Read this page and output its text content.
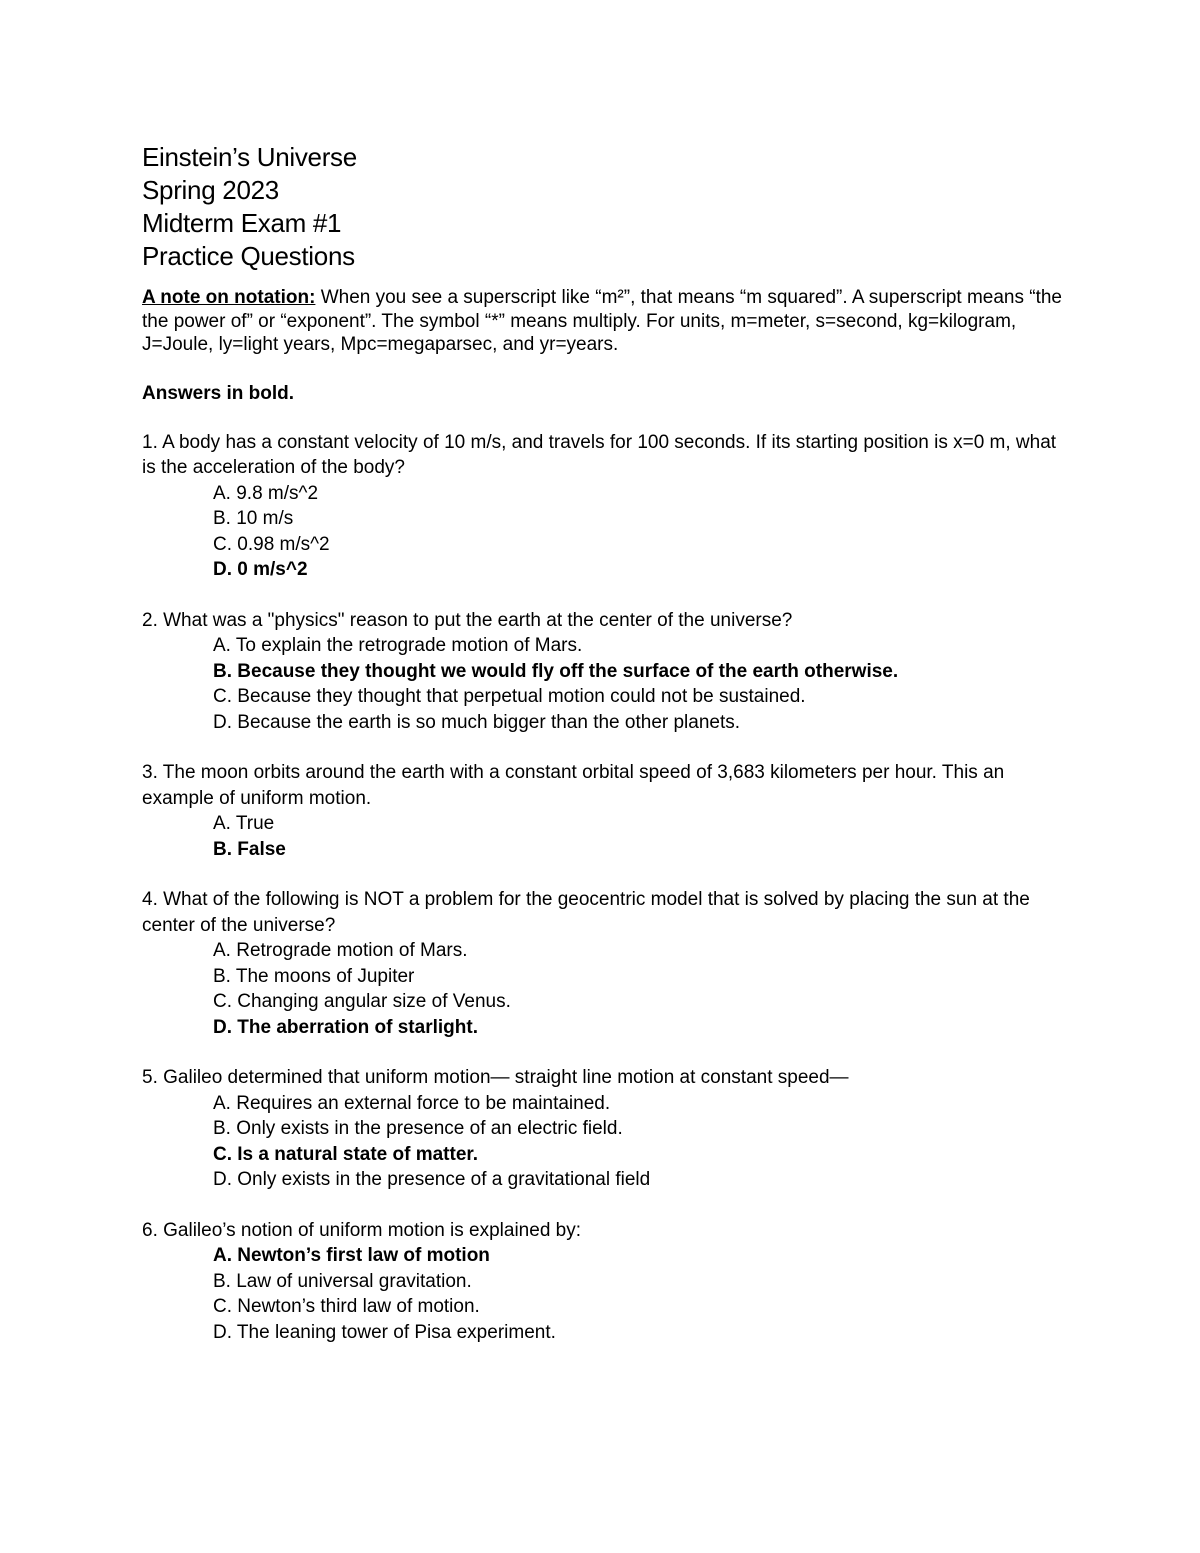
Einstein’s Universe
Spring 2023
Midterm Exam #1
Practice Questions
A note on notation: When you see a superscript like “m²”, that means “m squared”. A superscript means “the the power of” or “exponent”. The symbol “*” means multiply. For units, m=meter, s=second, kg=kilogram, J=Joule, ly=light years, Mpc=megaparsec, and yr=years.
Answers in bold.
1. A body has a constant velocity of 10 m/s, and travels for 100 seconds. If its starting position is x=0 m, what is the acceleration of the body?
A. 9.8 m/s^2
B. 10 m/s
C. 0.98 m/s^2
D. 0 m/s^2
2. What was a "physics" reason to put the earth at the center of the universe?
A. To explain the retrograde motion of Mars.
B. Because they thought we would fly off the surface of the earth otherwise.
C. Because they thought that perpetual motion could not be sustained.
D. Because the earth is so much bigger than the other planets.
3. The moon orbits around the earth with a constant orbital speed of 3,683 kilometers per hour. This an example of uniform motion.
A. True
B. False
4. What of the following is NOT a problem for the geocentric model that is solved by placing the sun at the center of the universe?
A. Retrograde motion of Mars.
B. The moons of Jupiter
C. Changing angular size of Venus.
D. The aberration of starlight.
5. Galileo determined that uniform motion— straight line motion at constant speed—
A. Requires an external force to be maintained.
B. Only exists in the presence of an electric field.
C. Is a natural state of matter.
D. Only exists in the presence of a gravitational field
6. Galileo’s notion of uniform motion is explained by:
A. Newton’s first law of motion
B. Law of universal gravitation.
C. Newton’s third law of motion.
D. The leaning tower of Pisa experiment.
